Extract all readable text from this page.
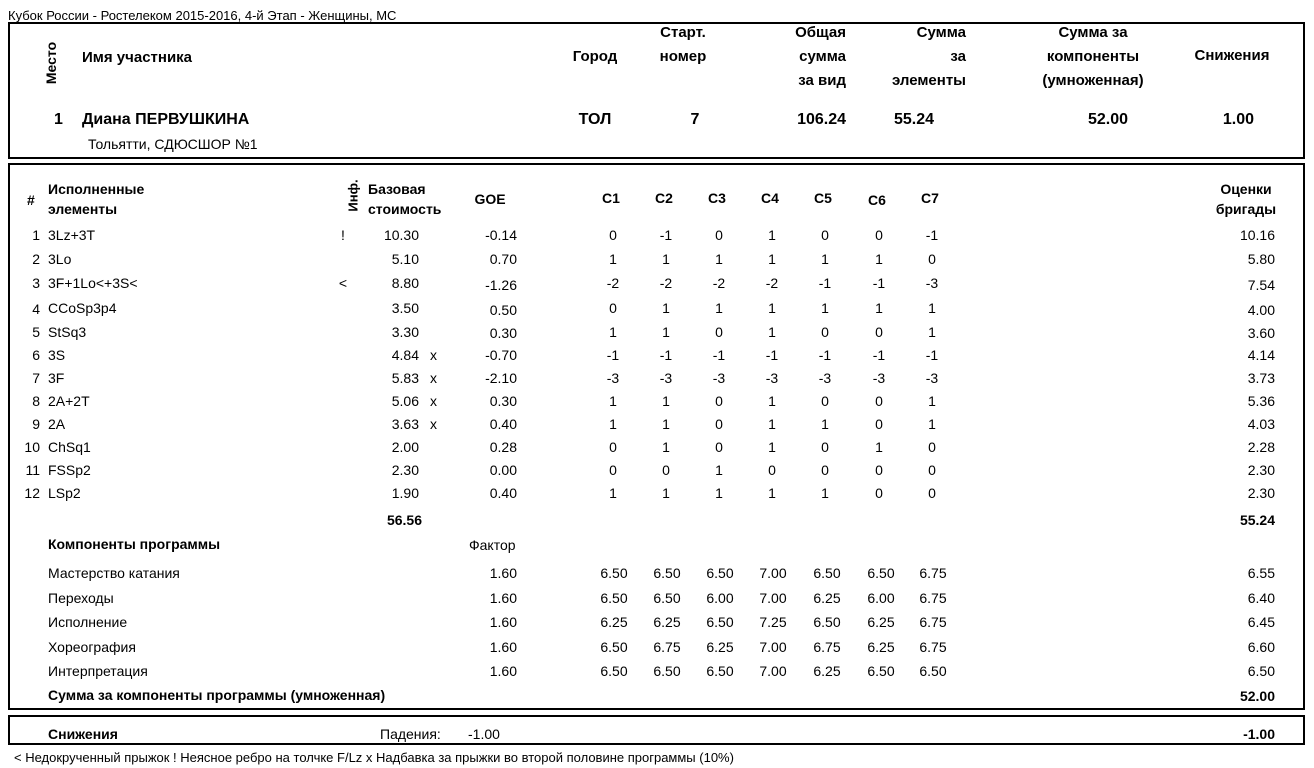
Кубок России - Ростелеком 2015-2016, 4-й Этап - Женщины, МС
Место Имя участника	Город
Старт.
номер
Общая
сумма
за вид
Сумма
за
элементы
Сумма за
компоненты
(умноженная)
Снижения
1 Диана ПЕРВУШКИНА
Тольятти, СДЮСШОР №1
ТОЛ	7	106.24	55.24	52.00	1.00
#
Исполненные
элементы	Инф. Базовая
стоимость
GOE	C1	C2	C3	C4	C5	C6	C7
Оценки
бригады
1 3Lz+3T	!	10.30	-0.14	0	-1	0	1	0	0	-1	10.16
2 3Lo	5.10	0.70	1	1	1	1	1	1	0	5.80
3 3F+1Lo<+3S<	<	8.80	-1.26	-2	-2	-2	-2	-1	-1	-3	7.54
4 CCoSp3p4	3.50	0.50	0	1	1	1	1	1	1	4.00
5 StSq3	3.30	0.30	1	1	0	1	0	0	1	3.60
6 3S	4.84 x	-0.70	-1	-1	-1	-1	-1	-1	-1	4.14
7 3F	5.83 x	-2.10	-3	-3	-3	-3	-3	-3	-3	3.73
8 2A+2T	5.06 x	0.30	1	1	0	1	0	0	1	5.36
9 2A	3.63 x	0.40	1	1	0	1	1	0	1	4.03
10 ChSq1	2.00	0.28	0	1	0	1	0	1	0	2.28
11 FSSp2	2.30	0.00	0	0	1	0	0	0	0	2.30
12 LSp2	1.90	0.40	1	1	1	1	1	0	0	2.30
56.56	55.24
Компоненты программы	Фактор
Мастерство катания	1.60	6.50	6.50	6.50	7.00	6.50	6.50	6.75	6.55
Переходы	1.60	6.50	6.50	6.00	7.00	6.25	6.00	6.75	6.40
Исполнение	1.60	6.25	6.25	6.50	7.25	6.50	6.25	6.75	6.45
Хореография	1.60	6.50	6.75	6.25	7.00	6.75	6.25	6.75	6.60
Интерпретация	1.60	6.50	6.50	6.50	7.00	6.25	6.50	6.50	6.50
Сумма за компоненты программы (умноженная)	52.00
Снижения	Падения: -1.00	-1.00
< Недокрученный прыжок ! Неясное ребро на толчке F/Lz x Надбавка за прыжки во второй половине программы (10%)
